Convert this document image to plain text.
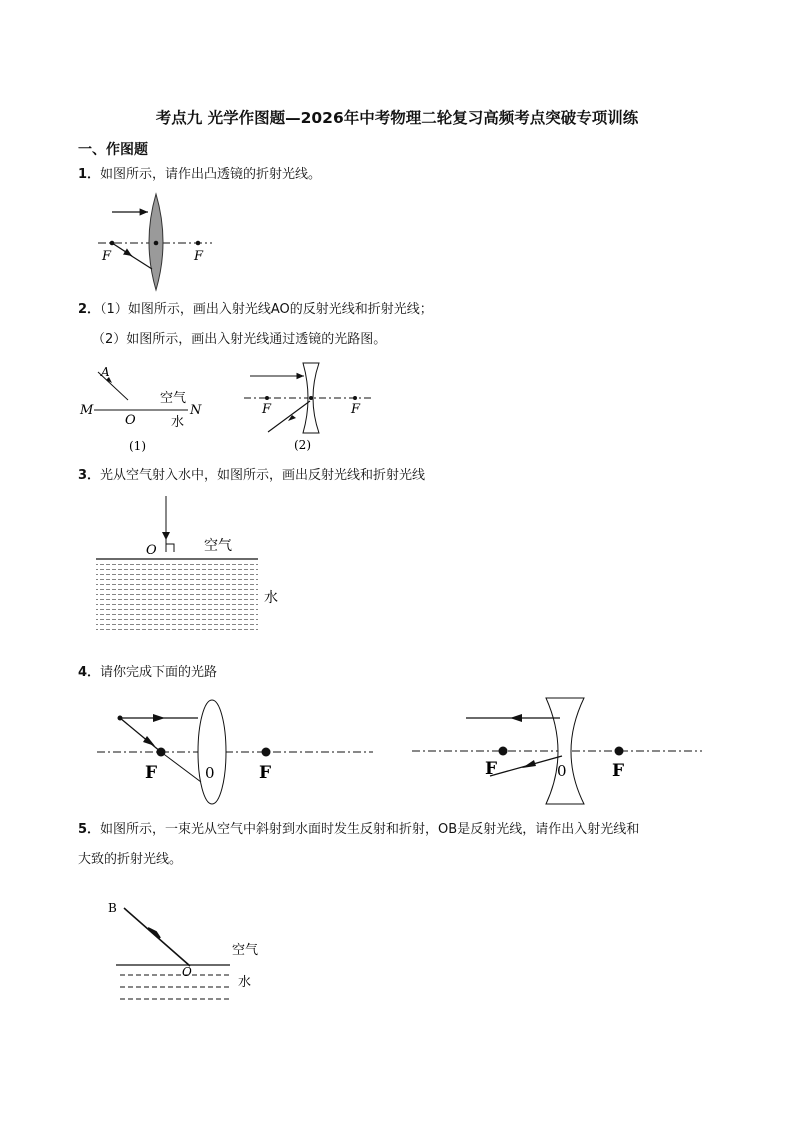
考点九 光学作图题—2026年中考物理二轮复习高频考点突破专项训练
一、作图题
1．如图所示，请作出凸透镜的折射光线。
F	F
2．（1）如图所示，画出入射光线AO的反射光线和折射光线；
（2）如图所示，画出入射光线通过透镜的光路图。
A
M
O
N
空气
水
(1)
F	F
(2)
3．光从空气射入水中，如图所示，画出反射光线和折射光线
O	空气
水
4．请你完成下面的光路
F	0	F	F	0	F
5．如图所示，一束光从空气中斜射到水面时发生反射和折射，OB是反射光线，请作出入射光线和
大致的折射光线。
B
O
空气
水
